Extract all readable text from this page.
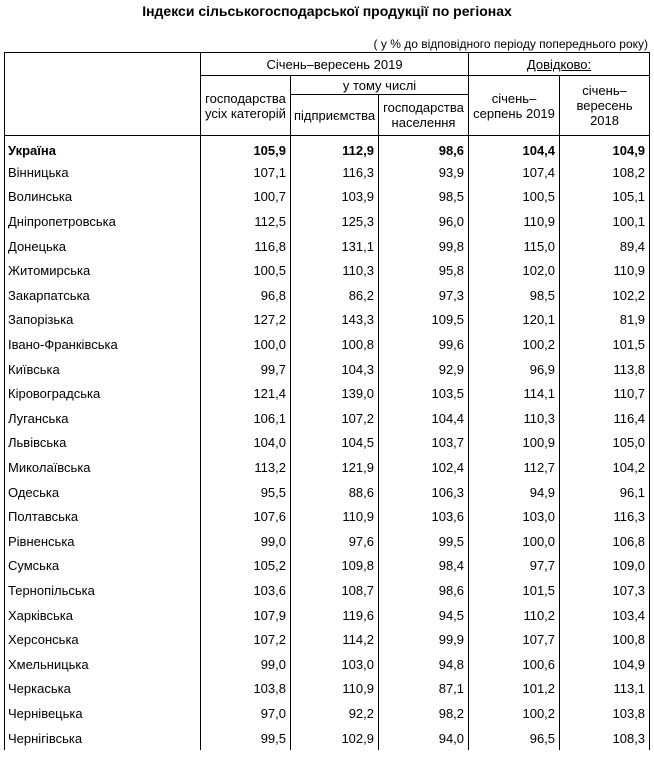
Індекси сільськогосподарської продукції по регіонах
( у % до відповідного періоду попереднього року)
	Січень–вересень 2019			Довідково:	
	господарства усіх категорій	у тому числі		січень– серпень 2019	січень– вересень 2018
		підприємства	господарства населення		
Україна	105,9	112,9	98,6	104,4	104,9
Вінницька	107,1	116,3	93,9	107,4	108,2
Волинська	100,7	103,9	98,5	100,5	105,1
Дніпропетровська	112,5	125,3	96,0	110,9	100,1
Донецька	116,8	131,1	99,8	115,0	89,4
Житомирська	100,5	110,3	95,8	102,0	110,9
Закарпатська	96,8	86,2	97,3	98,5	102,2
Запорізька	127,2	143,3	109,5	120,1	81,9
Івано-Франківська	100,0	100,8	99,6	100,2	101,5
Київська	99,7	104,3	92,9	96,9	113,8
Кіровоградська	121,4	139,0	103,5	114,1	110,7
Луганська	106,1	107,2	104,4	110,3	116,4
Львівська	104,0	104,5	103,7	100,9	105,0
Миколаївська	113,2	121,9	102,4	112,7	104,2
Одеська	95,5	88,6	106,3	94,9	96,1
Полтавська	107,6	110,9	103,6	103,0	116,3
Рівненська	99,0	97,6	99,5	100,0	106,8
Сумська	105,2	109,8	98,4	97,7	109,0
Тернопільська	103,6	108,7	98,6	101,5	107,3
Харківська	107,9	119,6	94,5	110,2	103,4
Херсонська	107,2	114,2	99,9	107,7	100,8
Хмельницька	99,0	103,0	94,8	100,6	104,9
Черкаська	103,8	110,9	87,1	101,2	113,1
Чернівецька	97,0	92,2	98,2	100,2	103,8
Чернігівська	99,5	102,9	94,0	96,5	108,3
